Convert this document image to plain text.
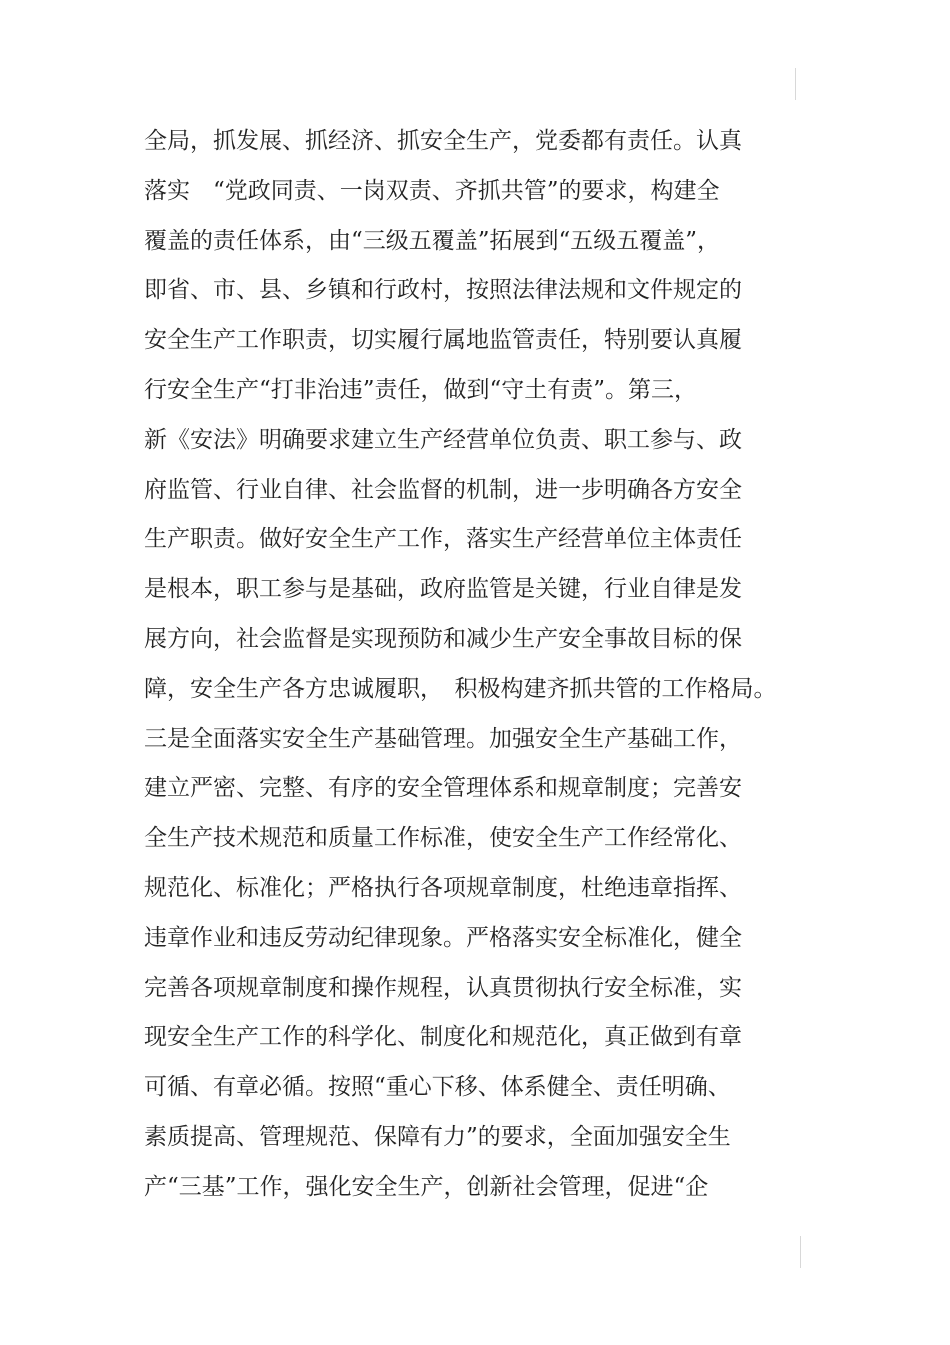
全局，抓发展、抓经济、抓安全生产，党委都有责任。认真
落实　“党政同责、一岗双责、齐抓共管”的要求，构建全
覆盖的责任体系，由“三级五覆盖”拓展到“五级五覆盖”，
即省、市、县、乡镇和行政村，按照法律法规和文件规定的
安全生产工作职责，切实履行属地监管责任，特别要认真履
行安全生产“打非治违”责任，做到“守土有责”。第三，
新《安法》明确要求建立生产经营单位负责、职工参与、政
府监管、行业自律、社会监督的机制，进一步明确各方安全
生产职责。做好安全生产工作，落实生产经营单位主体责任
是根本，职工参与是基础，政府监管是关键，行业自律是发
展方向，社会监督是实现预防和减少生产安全事故目标的保
障，安全生产各方忠诚履职，　积极构建齐抓共管的工作格局。
三是全面落实安全生产基础管理。加强安全生产基础工作，
建立严密、完整、有序的安全管理体系和规章制度；完善安
全生产技术规范和质量工作标准，使安全生产工作经常化、
规范化、标准化；严格执行各项规章制度，杜绝违章指挥、
违章作业和违反劳动纪律现象。严格落实安全标准化，健全
完善各项规章制度和操作规程，认真贯彻执行安全标准，实
现安全生产工作的科学化、制度化和规范化，真正做到有章
可循、有章必循。按照“重心下移、体系健全、责任明确、
素质提高、管理规范、保障有力”的要求，全面加强安全生
产“三基”工作，强化安全生产，创新社会管理，促进“企
